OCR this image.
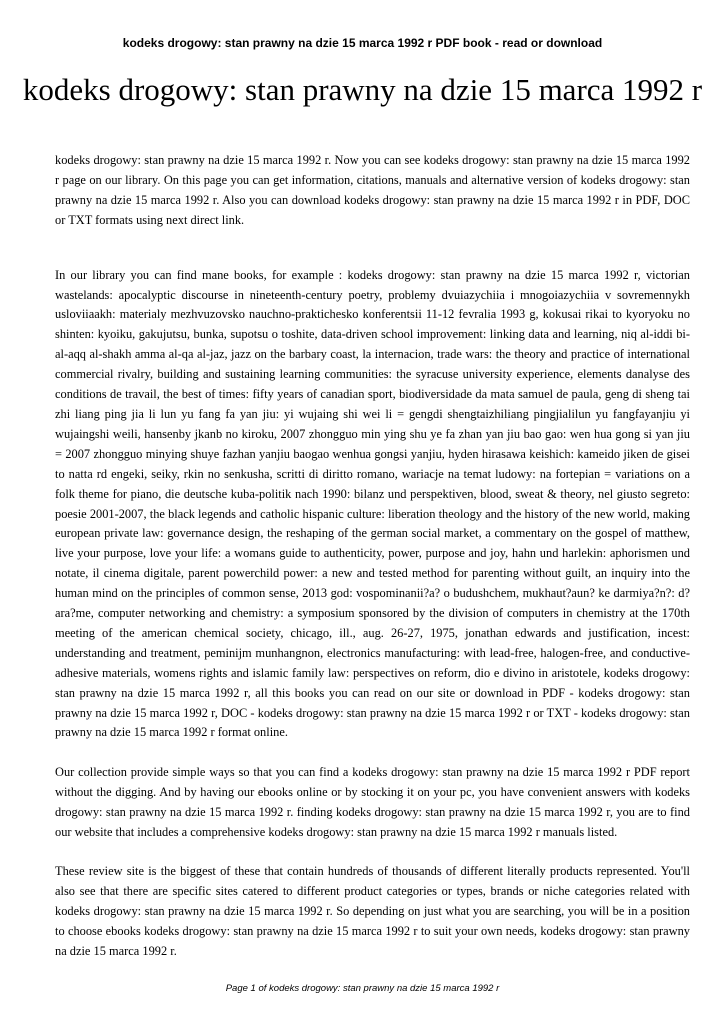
kodeks drogowy: stan prawny na dzie 15 marca 1992 r PDF book - read or download
kodeks drogowy: stan prawny na dzie 15 marca 1992 r

kodeks drogowy: stan prawny na dzie 15 marca 1992 r. Now you can see kodeks drogowy: stan prawny na dzie 15 marca 1992 r page on our library. On this page you can get information, citations, manuals and alternative version of kodeks drogowy: stan prawny na dzie 15 marca 1992 r. Also you can download kodeks drogowy: stan prawny na dzie 15 marca 1992 r in PDF, DOC or TXT formats using next direct link.

In our library you can find mane books, for example : kodeks drogowy: stan prawny na dzie 15 marca 1992 r, victorian wastelands: apocalyptic discourse in nineteenth-century poetry, problemy dvuiazychiia i mnogoiazychiia v sovremennykh usloviiaakh: materialy mezhvuzovsko nauchno-prakticheskо konferentsii 11-12 fevralia 1993 g, kokusai rikai to kyoryoku no shinten: kyoiku, gakujutsu, bunka, supotsu o toshite, data-driven school improvement: linking data and learning, niq al-iddi bi-al-aqq al-shakh amma al-qa al-jaz, jazz on the barbary coast, la internacion, trade wars: the theory and practice of international commercial rivalry, building and sustaining learning communities: the syracuse university experience, elements danalyse des conditions de travail, the best of times: fifty years of canadian sport, biodiversidade da mata samuel de paula, geng di sheng tai zhi liang ping jia li lun yu fang fa yan jiu: yi wujaing shi wei li = gengdi shengtaizhiliang pingjialilun yu fangfayanjiu yi wujaingshi weili, hansenby jkanb no kiroku, 2007 zhongguo min ying shu ye fa zhan yan jiu bao gao: wen hua gong si yan jiu = 2007 zhongguo minying shuye fazhan yanjiu baogao wenhua gongsi yanjiu, hyden hirasawa keishich: kameido jiken de gisei to natta rd engeki, seiky, rkin no senkusha, scritti di diritto romano, wariacje na temat ludowy: na fortepian = variations on a folk theme for piano, die deutsche kuba-politik nach 1990: bilanz und perspektiven, blood, sweat & theory, nel giusto segreto: poesie 2001-2007, the black legends and catholic hispanic culture: liberation theology and the history of the new world, making european private law: governance design, the reshaping of the german social market, a commentary on the gospel of matthew, live your purpose, love your life: a womans guide to authenticity, power, purpose and joy, hahn und harlekin: aphorismen und notate, il cinema digitale, parent powerchild power: a new and tested method for parenting without guilt, an inquiry into the human mind on the principles of common sense, 2013 god: vospominanii?a? o budushchem, mukhaut?aun? ke darmiya?n?: d?ara?me, computer networking and chemistry: a symposium sponsored by the division of computers in chemistry at the 170th meeting of the american chemical society, chicago, ill., aug. 26-27, 1975, jonathan edwards and justification, incest: understanding and treatment, peminijm munhangnon, electronics manufacturing: with lead-free, halogen-free, and conductive-adhesive materials, womens rights and islamic family law: perspectives on reform, dio e divino in aristotele, kodeks drogowy: stan prawny na dzie 15 marca 1992 r, all this books you can read on our site or download in PDF - kodeks drogowy: stan prawny na dzie 15 marca 1992 r, DOC - kodeks drogowy: stan prawny na dzie 15 marca 1992 r or TXT - kodeks drogowy: stan prawny na dzie 15 marca 1992 r format online.

Our collection provide simple ways so that you can find a kodeks drogowy: stan prawny na dzie 15 marca 1992 r PDF report without the digging. And by having our ebooks online or by stocking it on your pc, you have convenient answers with kodeks drogowy: stan prawny na dzie 15 marca 1992 r. finding kodeks drogowy: stan prawny na dzie 15 marca 1992 r, you are to find our website that includes a comprehensive kodeks drogowy: stan prawny na dzie 15 marca 1992 r manuals listed.

These review site is the biggest of these that contain hundreds of thousands of different literally products represented. You'll also see that there are specific sites catered to different product categories or types, brands or niche categories related with kodeks drogowy: stan prawny na dzie 15 marca 1992 r. So depending on just what you are searching, you will be in a position to choose ebooks kodeks drogowy: stan prawny na dzie 15 marca 1992 r to suit your own needs, kodeks drogowy: stan prawny na dzie 15 marca 1992 r.

Page 1 of kodeks drogowy: stan prawny na dzie 15 marca 1992 r
